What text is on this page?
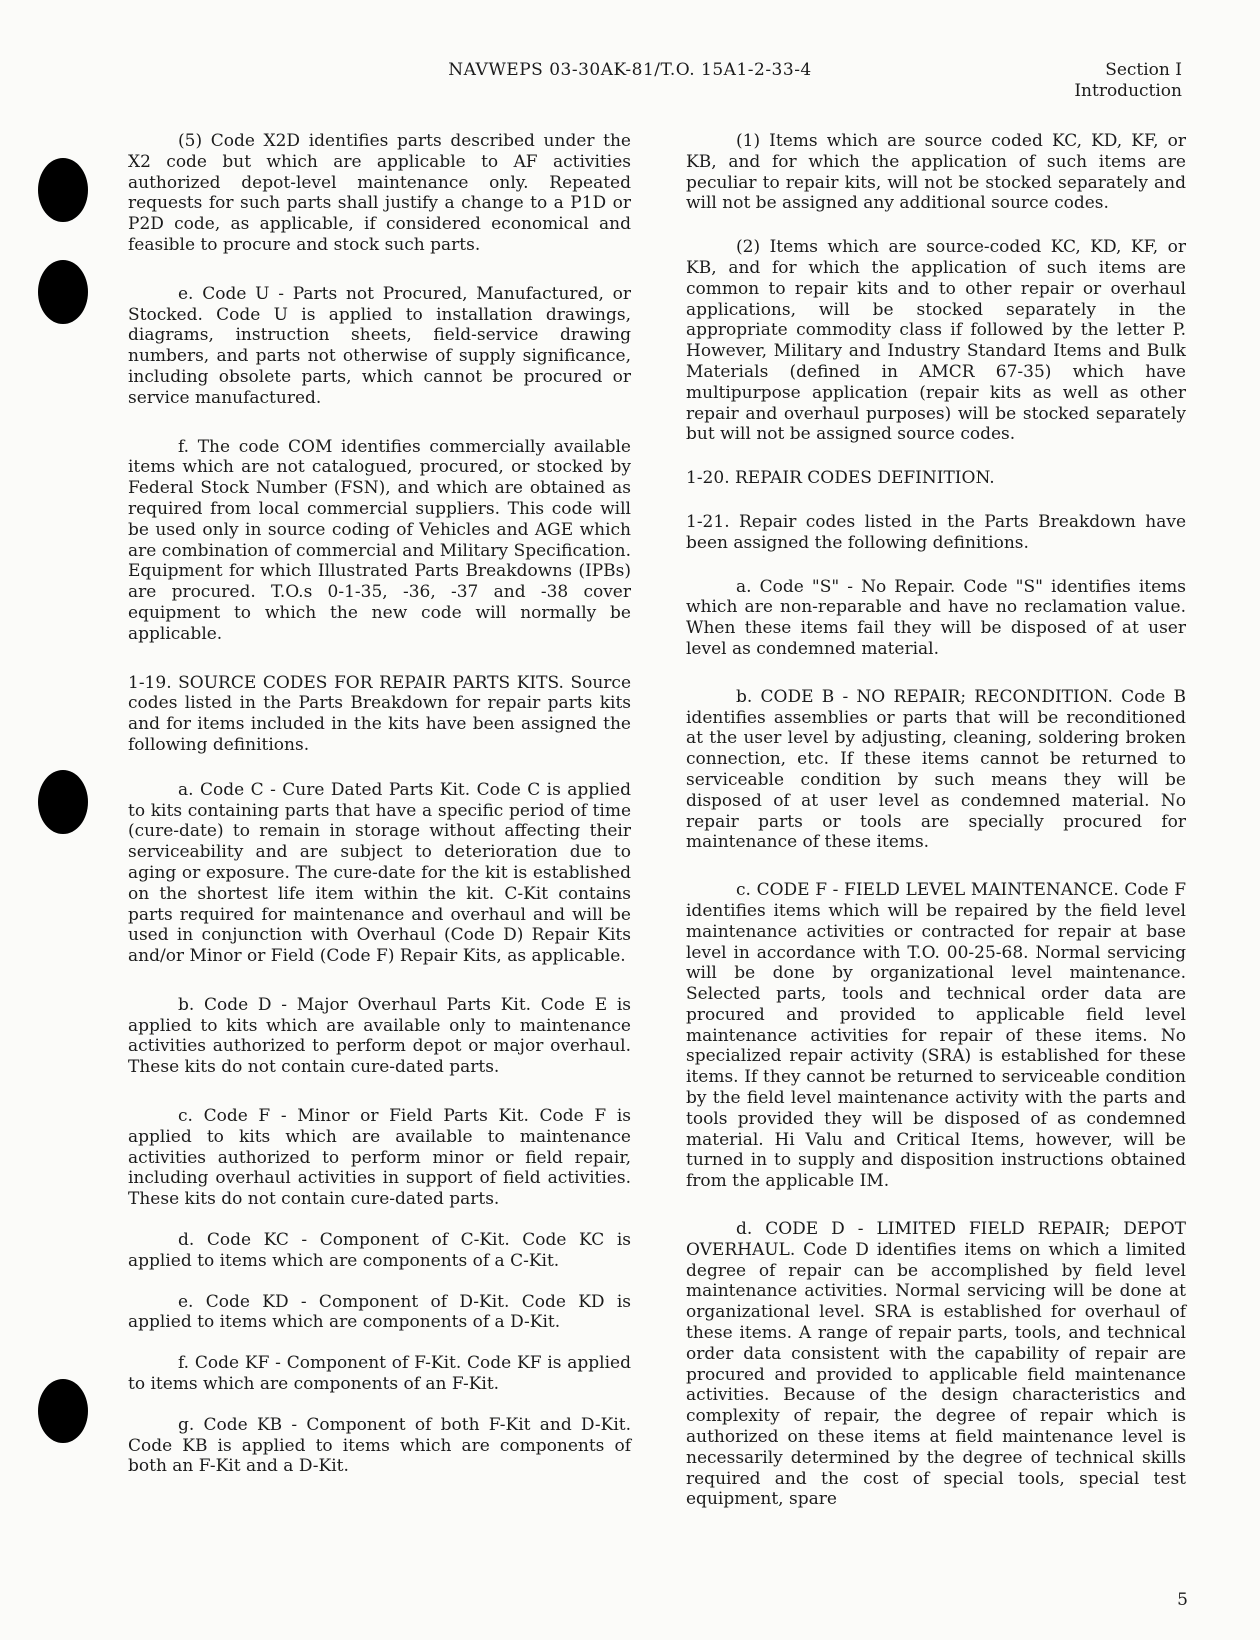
NAVWEPS 03-30AK-81/T.O. 15A1-2-33-4	Section I
Introduction

(5) Code X2D identifies parts described under the X2 code but which are applicable to AF activities authorized depot-level maintenance only. Repeated requests for such parts shall justify a change to a P1D or P2D code, as applicable, if considered economical and feasible to procure and stock such parts.

e. Code U - Parts not Procured, Manufactured, or Stocked. Code U is applied to installation drawings, diagrams, instruction sheets, field-service drawing numbers, and parts not otherwise of supply significance, including obsolete parts, which cannot be procured or service manufactured.

f. The code COM identifies commercially available items which are not catalogued, procured, or stocked by Federal Stock Number (FSN), and which are obtained as required from local commercial suppliers. This code will be used only in source coding of Vehicles and AGE which are combination of commercial and Military Specification. Equipment for which Illustrated Parts Breakdowns (IPBs) are procured. T.O.s 0-1-35, -36, -37 and -38 cover equipment to which the new code will normally be applicable.

1-19. SOURCE CODES FOR REPAIR PARTS KITS. Source codes listed in the Parts Breakdown for repair parts kits and for items included in the kits have been assigned the following definitions.

a. Code C - Cure Dated Parts Kit. Code C is applied to kits containing parts that have a specific period of time (cure-date) to remain in storage without affecting their serviceability and are subject to deterioration due to aging or exposure. The cure-date for the kit is established on the shortest life item within the kit. C-Kit contains parts required for maintenance and overhaul and will be used in conjunction with Overhaul (Code D) Repair Kits and/or Minor or Field (Code F) Repair Kits, as applicable.

b. Code D - Major Overhaul Parts Kit. Code E is applied to kits which are available only to maintenance activities authorized to perform depot or major overhaul. These kits do not contain cure-dated parts.

c. Code F - Minor or Field Parts Kit. Code F is applied to kits which are available to maintenance activities authorized to perform minor or field repair, including overhaul activities in support of field activities. These kits do not contain cure-dated parts.

d. Code KC - Component of C-Kit. Code KC is applied to items which are components of a C-Kit.

e. Code KD - Component of D-Kit. Code KD is applied to items which are components of a D-Kit.

f. Code KF - Component of F-Kit. Code KF is applied to items which are components of an F-Kit.

g. Code KB - Component of both F-Kit and D-Kit. Code KB is applied to items which are components of both an F-Kit and a D-Kit.

(1) Items which are source coded KC, KD, KF, or KB, and for which the application of such items are peculiar to repair kits, will not be stocked separately and will not be assigned any additional source codes.

(2) Items which are source-coded KC, KD, KF, or KB, and for which the application of such items are common to repair kits and to other repair or overhaul applications, will be stocked separately in the appropriate commodity class if followed by the letter P. However, Military and Industry Standard Items and Bulk Materials (defined in AMCR 67-35) which have multipurpose application (repair kits as well as other repair and overhaul purposes) will be stocked separately but will not be assigned source codes.

1-20. REPAIR CODES DEFINITION.

1-21. Repair codes listed in the Parts Breakdown have been assigned the following definitions.

a. Code "S" - No Repair. Code "S" identifies items which are non-reparable and have no reclamation value. When these items fail they will be disposed of at user level as condemned material.

b. CODE B - NO REPAIR; RECONDITION. Code B identifies assemblies or parts that will be reconditioned at the user level by adjusting, cleaning, soldering broken connection, etc. If these items cannot be returned to serviceable condition by such means they will be disposed of at user level as condemned material. No repair parts or tools are specially procured for maintenance of these items.

c. CODE F - FIELD LEVEL MAINTENANCE. Code F identifies items which will be repaired by the field level maintenance activities or contracted for repair at base level in accordance with T.O. 00-25-68. Normal servicing will be done by organizational level maintenance. Selected parts, tools and technical order data are procured and provided to applicable field level maintenance activities for repair of these items. No specialized repair activity (SRA) is established for these items. If they cannot be returned to serviceable condition by the field level maintenance activity with the parts and tools provided they will be disposed of as condemned material. Hi Valu and Critical Items, however, will be turned in to supply and disposition instructions obtained from the applicable IM.

d. CODE D - LIMITED FIELD REPAIR; DEPOT OVERHAUL. Code D identifies items on which a limited degree of repair can be accomplished by field level maintenance activities. Normal servicing will be done at organizational level. SRA is established for overhaul of these items. A range of repair parts, tools, and technical order data consistent with the capability of repair are procured and provided to applicable field maintenance activities. Because of the design characteristics and complexity of repair, the degree of repair which is authorized on these items at field maintenance level is necessarily determined by the degree of technical skills required and the cost of special tools, special test equipment, spare

5
